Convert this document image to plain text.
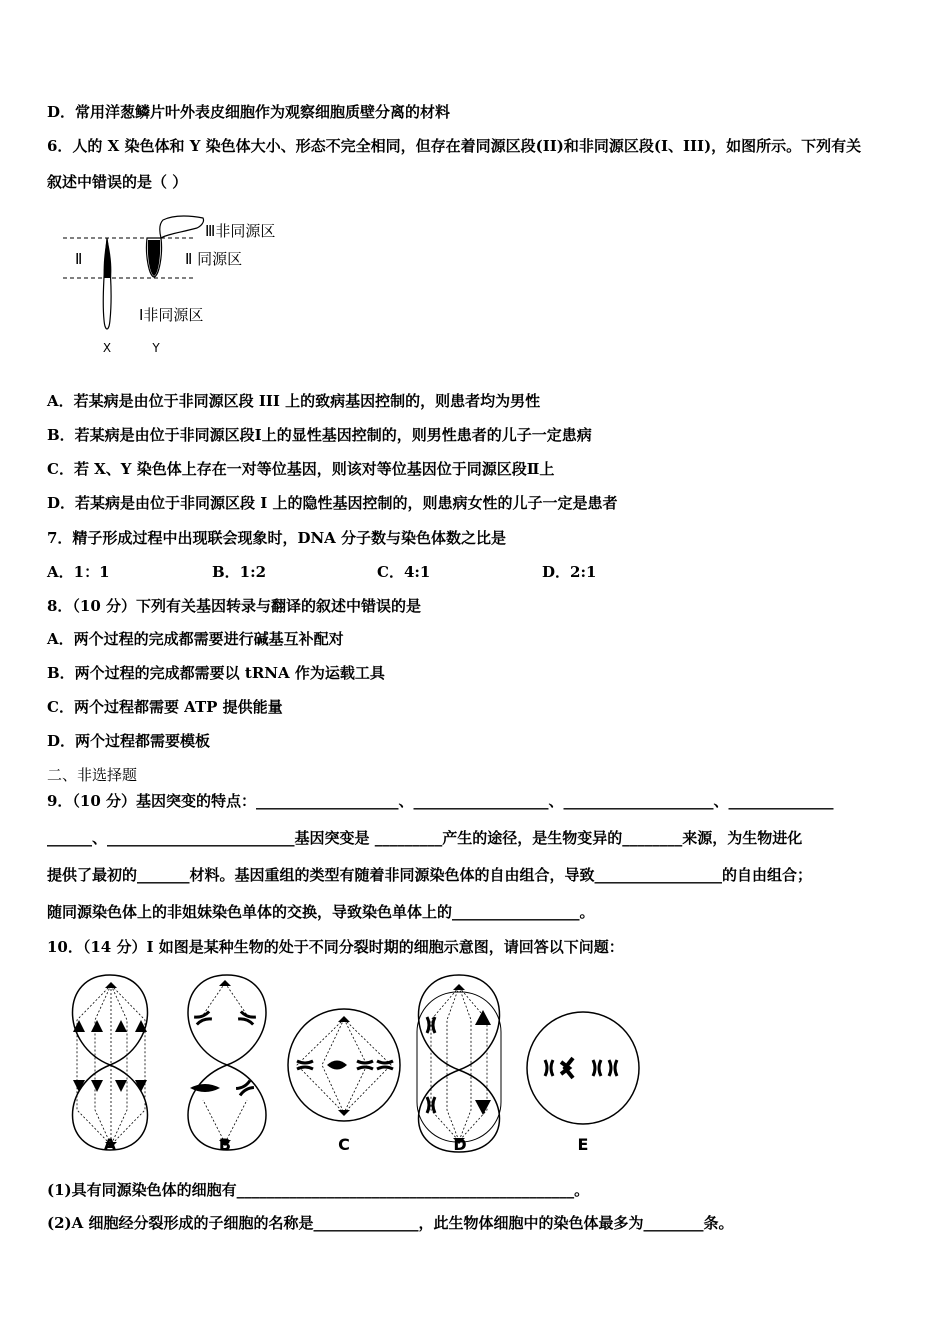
D．常用洋葱鳞片叶外表皮细胞作为观察细胞质壁分离的材料
6．人的 X 染色体和 Y 染色体大小、形态不完全相同，但存在着同源区段(II)和非同源区段(I、III)，如图所示。下列有关
叙述中错误的是（ ）
Ⅲ非同源区
Ⅱ	Ⅱ 同源区
Ⅰ非同源区
X	Y
A．若某病是由位于非同源区段 III 上的致病基因控制的，则患者均为男性
B．若某病是由位于非同源区段Ⅰ上的显性基因控制的，则男性患者的儿子一定患病
C．若 X、Y 染色体上存在一对等位基因，则该对等位基因位于同源区段Ⅱ上
D．若某病是由位于非同源区段 I 上的隐性基因控制的，则患病女性的儿子一定是患者
7．精子形成过程中出现联会现象时，DNA 分子数与染色体数之比是
A．1：1	B．1:2	C．4:1	D．2:1
8．（10 分）下列有关基因转录与翻译的叙述中错误的是
A．两个过程的完成都需要进行碱基互补配对
B．两个过程的完成都需要以 tRNA 作为运载工具
C．两个过程都需要 ATP 提供能量
D．两个过程都需要模板
二、非选择题
9．（10 分）基因突变的特点：___________________、__________________、____________________、______________
______、_________________________基因突变是 _________产生的途径，是生物变异的________来源，为生物进化
提供了最初的_______材料。基因重组的类型有随着非同源染色体的自由组合，导致_________________的自由组合；
随同源染色体上的非姐妹染色单体的交换，导致染色单体上的_________________。
10．（14 分）I 如图是某种生物的处于不同分裂时期的细胞示意图，请回答以下问题：
A	B	C	D	E
(1)具有同源染色体的细胞有_____________________________________________。
(2)A 细胞经分裂形成的子细胞的名称是______________，此生物体细胞中的染色体最多为________条。
